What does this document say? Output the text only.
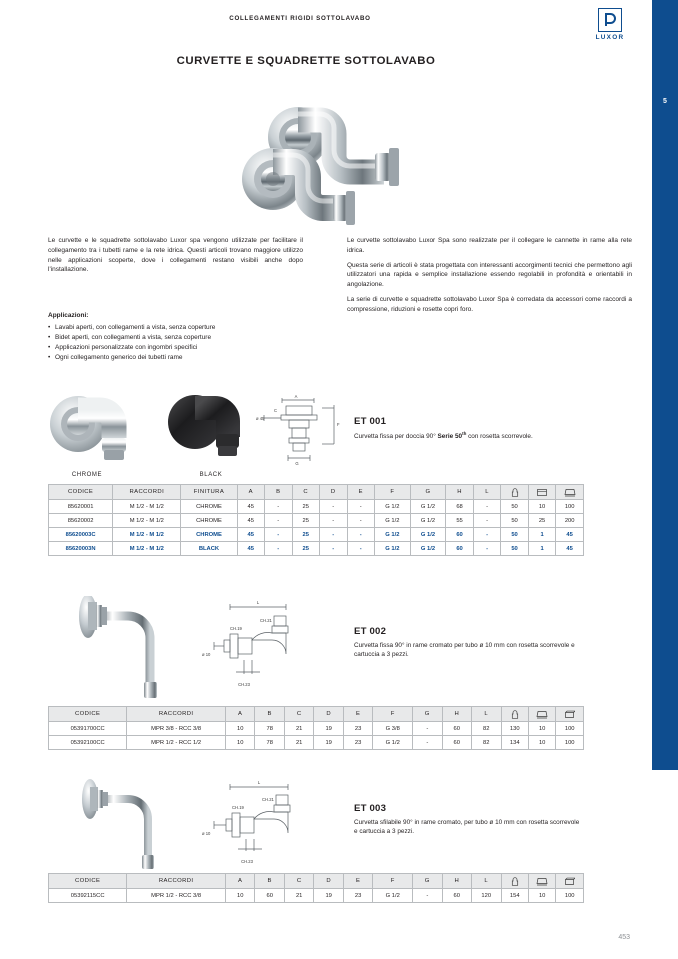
COLLEGAMENTI RIGIDI SOTTOLAVABO	5
COLLEGAMENTI RIGIDI SOTTOLAVABO
LUXOR
CURVETTE E SQUADRETTE SOTTOLAVABO
Le curvette e le squadrette sottolavabo Luxor spa vengono utilizzate per facilitare il collegamento tra i tubetti rame e la rete idrica. Questi articoli trovano maggiore utilizzo nelle applicazioni scoperte, dove i collegamenti restano visibili anche dopo l'installazione.

Le curvette sottolavabo Luxor Spa sono realizzate per il collegare le cannette in rame alla rete idrica.

Questa serie di articoli è stata progettata con interessanti accorgimenti tecnici che permettono agli utilizzatori una rapida e semplice installazione essendo regolabili in profondità e orientabili in angolazione.

La serie di curvette e squadrette sottolavabo Luxor Spa è corredata da accessori come raccordi a compressione, riduzioni e rosette copri foro.

Applicazioni:
• Lavabi aperti, con collegamenti a vista, senza coperture
• Bidet aperti, con collegamenti a vista, senza coperture
• Applicazioni personalizzate con ingombri specifici
• Ogni collegamento generico dei tubetti rame
CHROME	BLACK
A
ø 45
C
F
G
ET 001
Curvetta fissa per doccia 90° Serie 50th con rosetta scorrevole.
CODICE	RACCORDI	FINITURA	A	B	C	D	E	F	G	H	L	

85620001	M 1/2 - M 1/2	CHROME	45	-	25	-	-	G 1/2	G 1/2	68	-	50	10	100
85620002	M 1/2 - M 1/2	CHROME	45	-	25	-	-	G 1/2	G 1/2	55	-	50	25	200
85620003C	M 1/2 - M 1/2	CHROME	45	-	25	-	-	G 1/2	G 1/2	60	-	50	1	45
85620003N	M 1/2 - M 1/2	BLACK	45	-	25	-	-	G 1/2	G 1/2	60	-	50	1	45
L
CH.21
CH.19
CH.23
ø 10
ET 002
Curvetta fissa 90° in rame cromato per tubo ø 10 mm con rosetta scorrevole e cartuccia a 3 pezzi.
CODICE	RACCORDI	A	B	C	D	E	F	G	H	L	

05391700CC	MPR 3/8 - RCC 3/8	10	78	21	19	23	G 3/8	-	60	82	130	10	100
05392100CC	MPR 1/2 - RCC 1/2	10	78	21	19	23	G 1/2	-	60	82	134	10	100
L
CH.21
CH.19
CH.23
ø 10
ET 003
Curvetta sfilabile 90° in rame cromato, per tubo ø 10 mm con rosetta scorrevole e cartuccia a 3 pezzi.
CODICE	RACCORDI	A	B	C	D	E	F	G	H	L	

05392115CC	MPR 1/2 - RCC 3/8	10	60	21	19	23	G 1/2	-	60	120	154	10	100
453
